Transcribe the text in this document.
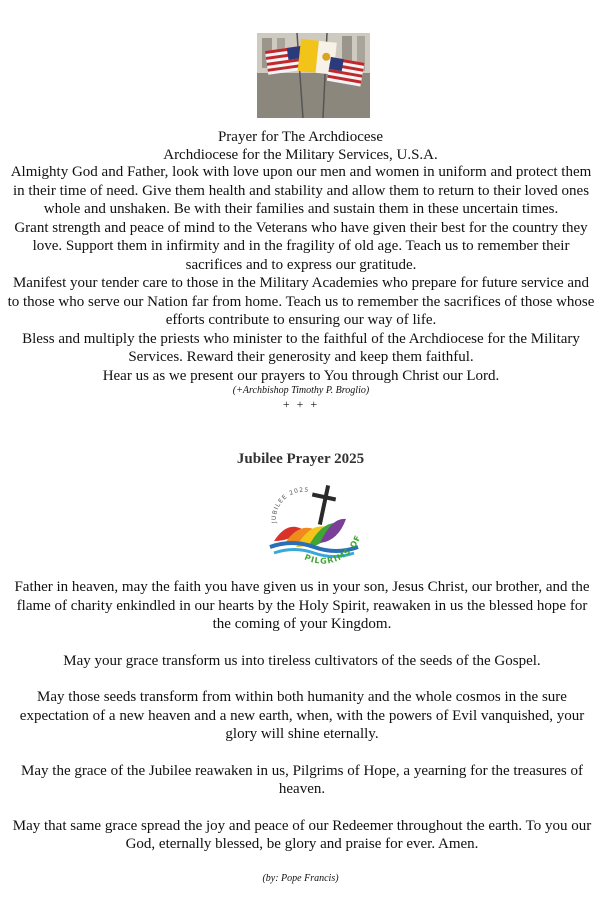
Prayer for The Archdiocese
Archdiocese for the Military Services, U.S.A.

Almighty God and Father, look with love upon our men and women in uniform and protect them in their time of need. Give them health and stability and allow them to return to their loved ones whole and unshaken. Be with their families and sustain them in these uncertain times.

Grant strength and peace of mind to the Veterans who have given their best for the country they love. Support them in infirmity and in the fragility of old age. Teach us to remember their sacrifices and to express our gratitude.

Manifest your tender care to those in the Military Academies who prepare for future service and to those who serve our Nation far from home. Teach us to remember the sacrifices of those whose efforts contribute to ensuring our way of life.

Bless and multiply the priests who minister to the faithful of the Archdiocese for the Military Services. Reward their generosity and keep them faithful.

Hear us as we present our prayers to You through Christ our Lord.

(+Archbishop Timothy P. Broglio)
+ + +
Jubilee Prayer 2025
JUBILEE 2025
PILGRIMS OF

Father in heaven, may the faith you have given us in your son, Jesus Christ, our brother, and the flame of charity enkindled in our hearts by the Holy Spirit, reawaken in us the blessed hope for the coming of your Kingdom.

May your grace transform us into tireless cultivators of the seeds of the Gospel.

May those seeds transform from within both humanity and the whole cosmos in the sure expectation of a new heaven and a new earth, when, with the powers of Evil vanquished, your glory will shine eternally.

May the grace of the Jubilee reawaken in us, Pilgrims of Hope, a yearning for the treasures of heaven.

May that same grace spread the joy and peace of our Redeemer throughout the earth. To you our God, eternally blessed, be glory and praise for ever. Amen.

(by: Pope Francis)
